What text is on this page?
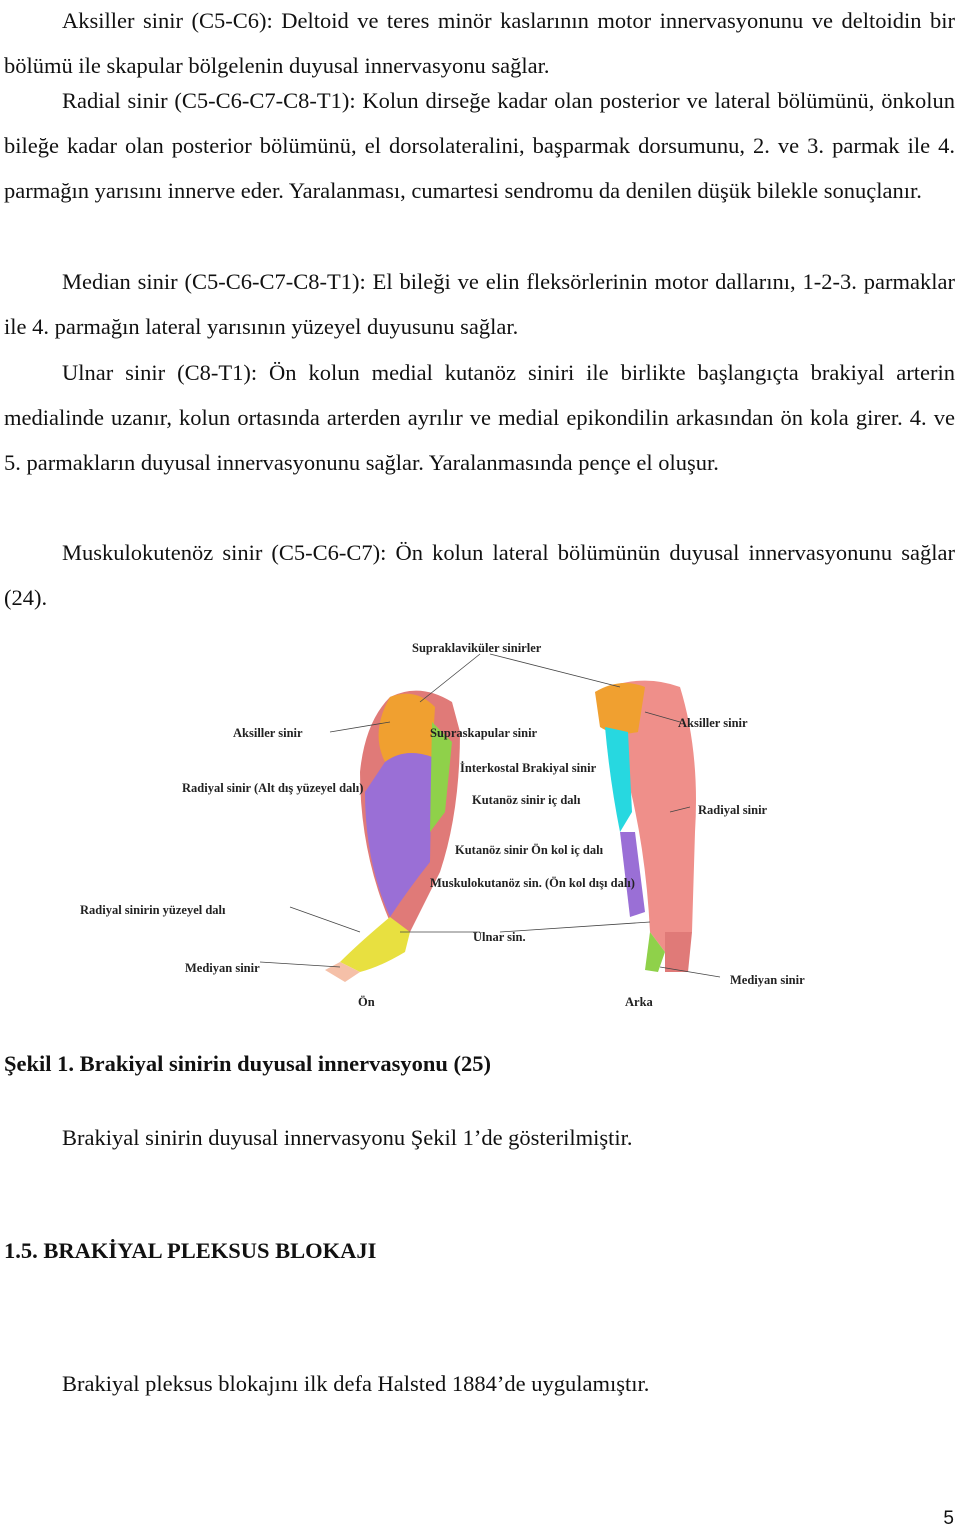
Aksiller sinir (C5-C6): Deltoid ve teres minör kaslarının motor innervasyonunu ve deltoidin bir bölümü ile skapular bölgelenin duyusal innervasyonu sağlar.

Radial sinir (C5-C6-C7-C8-T1): Kolun dirseğe kadar olan posterior ve lateral bölümünü, önkolun bileğe kadar olan posterior bölümünü, el dorsolateralini, başparmak dorsumunu, 2. ve 3. parmak ile 4. parmağın yarısını innerve eder. Yaralanması, cumartesi sendromu da denilen düşük bilekle sonuçlanır.

Median sinir (C5-C6-C7-C8-T1): El bileği ve elin fleksörlerinin motor dallarını, 1-2-3. parmaklar ile 4. parmağın lateral yarısının yüzeyel duyusunu sağlar.

Ulnar sinir (C8-T1): Ön kolun medial kutanöz siniri ile birlikte başlangıçta brakiyal arterin medialinde uzanır, kolun ortasında arterden ayrılır ve medial epikondilin arkasından ön kola girer. 4. ve 5. parmakların duyusal innervasyonunu sağlar. Yaralanmasında pençe el oluşur.

Muskulokutenöz sinir (C5-C6-C7): Ön kolun lateral bölümünün duyusal innervasyonunu sağlar (24).

Supraklaviküler sinirler
Aksiller sinir
Aksiller sinir
Supraskapular sinir
İnterkostal Brakiyal sinir
Kutanöz sinir iç dalı
Radiyal sinir (Alt dış yüzeyel dalı)
Radiyal sinir
Kutanöz sinir Ön kol iç dalı
Muskulokutanöz sin. (Ön kol dışı dalı)
Radiyal sinirin yüzeyel dalı
Ulnar sin.
Mediyan sinir
Mediyan sinir
Ön	Arka

Şekil 1. Brakiyal sinirin duyusal innervasyonu (25)

Brakiyal sinirin duyusal innervasyonu Şekil 1’de gösterilmiştir.

1.5. BRAKİYAL PLEKSUS BLOKAJI

Brakiyal pleksus blokajını ilk defa Halsted 1884’de uygulamıştır.

5
